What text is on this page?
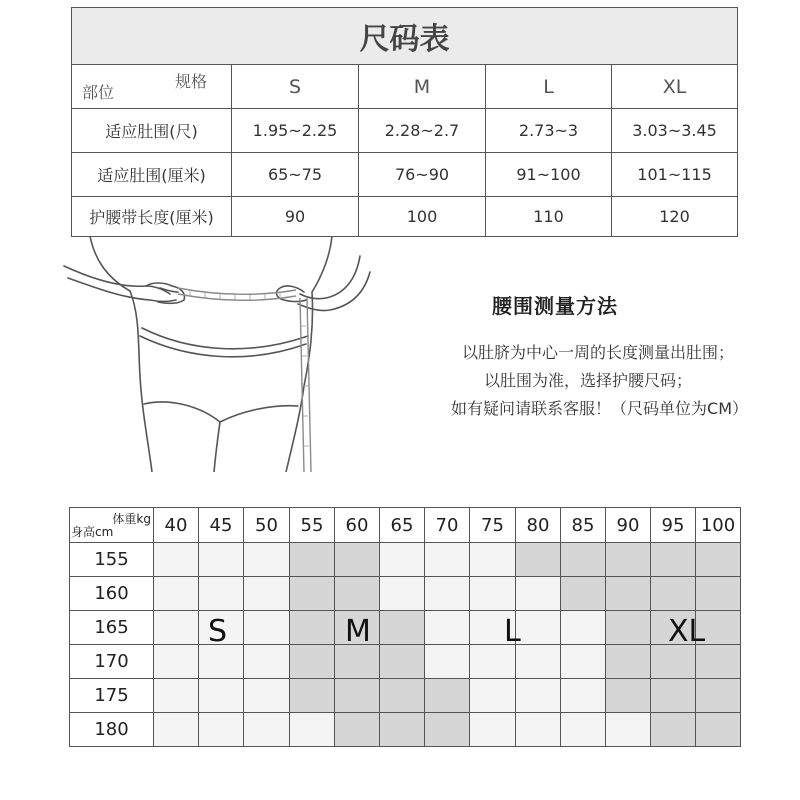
尺码表				

规格
部位	S	M	L	XL
适应肚围(尺)	1.95~2.25	2.28~2.7	2.73~3	3.03~3.45
适应肚围(厘米)	65~75	76~90	91~100	101~115
护腰带长度(厘米)	90	100	110	120
腰围测量方法
以肚脐为中心一周的长度测量出肚围；
以肚围为准，选择护腰尺码；
如有疑问请联系客服！（尺码单位为CM）
体重kg
身高cm	40	45	50	55	60	65	70	75	80	85	90	95	100
155													
160													
165													
170													
175													
180													
S	M	L	XL
